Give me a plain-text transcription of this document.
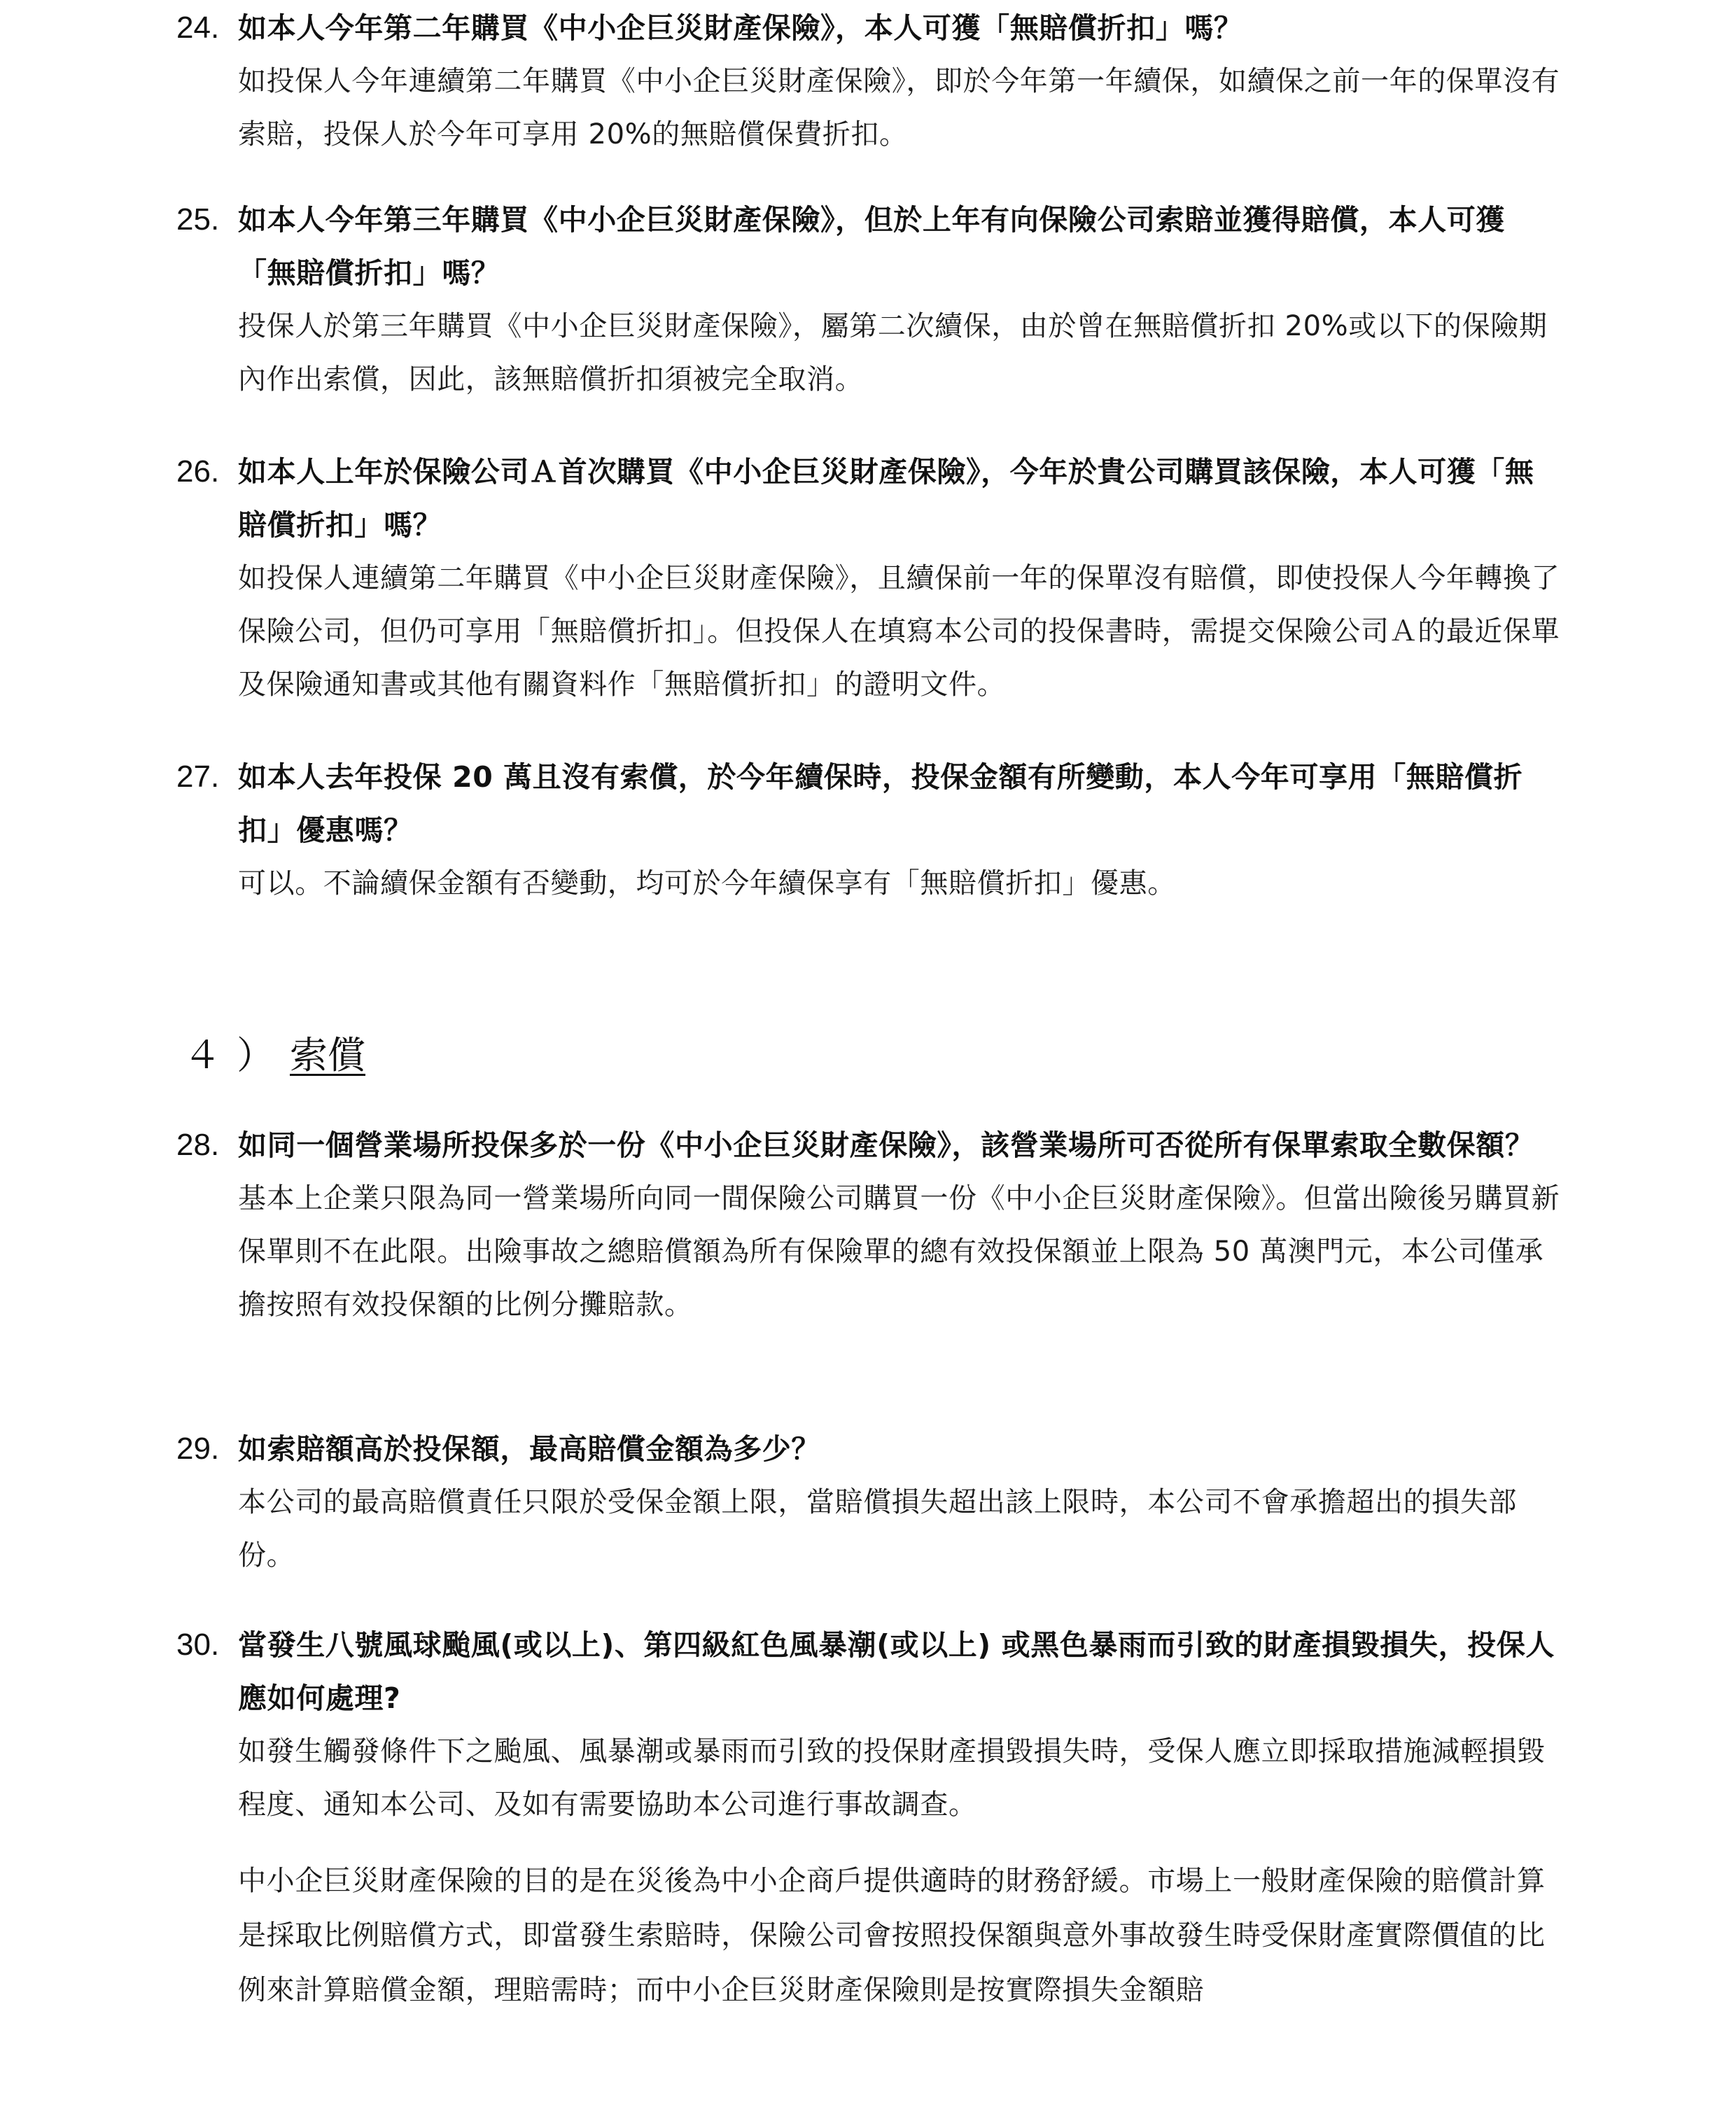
24. 如本人今年第二年購買《中小企巨災財產保險》，本人可獲「無賠償折扣」嗎？
如投保人今年連續第二年購買《中小企巨災財產保險》，即於今年第一年續保，如續保之前一年的保單沒有索賠，投保人於今年可享用 20%的無賠償保費折扣。
25. 如本人今年第三年購買《中小企巨災財產保險》，但於上年有向保險公司索賠並獲得賠償，本人可獲「無賠償折扣」嗎？
投保人於第三年購買《中小企巨災財產保險》，屬第二次續保，由於曾在無賠償折扣 20%或以下的保險期內作出索償，因此，該無賠償折扣須被完全取消。
26. 如本人上年於保險公司Ａ首次購買《中小企巨災財產保險》，今年於貴公司購買該保險，本人可獲「無賠償折扣」嗎？
如投保人連續第二年購買《中小企巨災財產保險》，且續保前一年的保單沒有賠償，即使投保人今年轉換了保險公司，但仍可享用「無賠償折扣」。但投保人在填寫本公司的投保書時，需提交保險公司Ａ的最近保單及保險通知書或其他有關資料作「無賠償折扣」的證明文件。
27. 如本人去年投保 20 萬且沒有索償，於今年續保時，投保金額有所變動，本人今年可享用「無賠償折扣」優惠嗎？
可以。不論續保金額有否變動，均可於今年續保享有「無賠償折扣」優惠。
４ ） 索償
28. 如同一個營業場所投保多於一份《中小企巨災財產保險》，該營業場所可否從所有保單索取全數保額？
基本上企業只限為同一營業場所向同一間保險公司購買一份《中小企巨災財產保險》。但當出險後另購買新保單則不在此限。出險事故之總賠償額為所有保險單的總有效投保額並上限為 50 萬澳門元，本公司僅承擔按照有效投保額的比例分攤賠款。
29. 如索賠額高於投保額，最高賠償金額為多少？
本公司的最高賠償責任只限於受保金額上限，當賠償損失超出該上限時，本公司不會承擔超出的損失部份。
30. 當發生八號風球颱風(或以上)、第四級紅色風暴潮(或以上) 或黑色暴雨而引致的財產損毀損失，投保人應如何處理?
如發生觸發條件下之颱風、風暴潮或暴雨而引致的投保財產損毀損失時，受保人應立即採取措施減輕損毀程度、通知本公司、及如有需要協助本公司進行事故調查。
中小企巨災財產保險的目的是在災後為中小企商戶提供適時的財務舒緩。市場上一般財產保險的賠償計算是採取比例賠償方式，即當發生索賠時，保險公司會按照投保額與意外事故發生時受保財產實際價值的比例來計算賠償金額，理賠需時；而中小企巨災財產保險則是按實際損失金額賠
